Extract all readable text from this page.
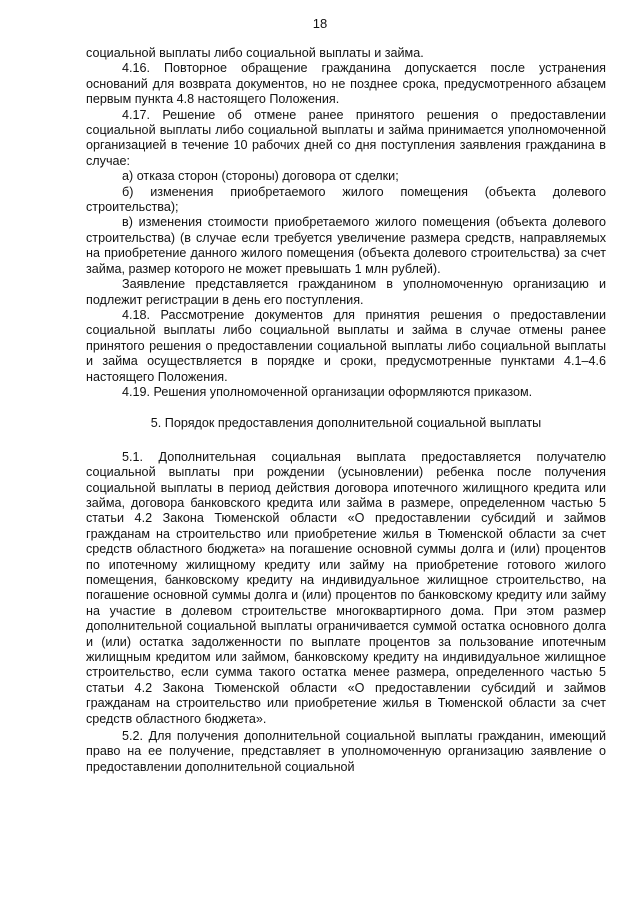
18

социальной выплаты либо социальной выплаты и займа.

4.16. Повторное обращение гражданина допускается после устранения оснований для возврата документов, но не позднее срока, предусмотренного абзацем первым пункта 4.8 настоящего Положения.

4.17. Решение об отмене ранее принятого решения о предоставлении социальной выплаты либо социальной выплаты и займа принимается уполномоченной организацией в течение 10 рабочих дней со дня поступления заявления гражданина в случае:

а) отказа сторон (стороны) договора от сделки;

б) изменения приобретаемого жилого помещения (объекта долевого строительства);

в) изменения стоимости приобретаемого жилого помещения (объекта долевого строительства) (в случае если требуется увеличение размера средств, направляемых на приобретение данного жилого помещения (объекта долевого строительства) за счет займа, размер которого не может превышать 1 млн рублей).

Заявление представляется гражданином в уполномоченную организацию и подлежит регистрации в день его поступления.

4.18. Рассмотрение документов для принятия решения о предоставлении социальной выплаты либо социальной выплаты и займа в случае отмены ранее принятого решения о предоставлении социальной выплаты либо социальной выплаты и займа осуществляется в порядке и сроки, предусмотренные пунктами 4.1–4.6 настоящего Положения.

4.19. Решения уполномоченной организации оформляются приказом.

5. Порядок предоставления дополнительной социальной выплаты

5.1. Дополнительная социальная выплата предоставляется получателю социальной выплаты при рождении (усыновлении) ребенка после получения социальной выплаты в период действия договора ипотечного жилищного кредита или займа, договора банковского кредита или займа в размере, определенном частью 5 статьи 4.2 Закона Тюменской области «О предоставлении субсидий и займов гражданам на строительство или приобретение жилья в Тюменской области за счет средств областного бюджета» на погашение основной суммы долга и (или) процентов по ипотечному жилищному кредиту или займу на приобретение готового жилого помещения, банковскому кредиту на индивидуальное жилищное строительство, на погашение основной суммы долга и (или) процентов по банковскому кредиту или займу на участие в долевом строительстве многоквартирного дома. При этом размер дополнительной социальной выплаты ограничивается суммой остатка основного долга и (или) остатка задолженности по выплате процентов за пользование ипотечным жилищным кредитом или займом, банковскому кредиту на индивидуальное жилищное строительство, если сумма такого остатка менее размера, определенного частью 5 статьи 4.2 Закона Тюменской области «О предоставлении субсидий и займов гражданам на строительство или приобретение жилья в Тюменской области за счет средств областного бюджета».

5.2. Для получения дополнительной социальной выплаты гражданин, имеющий право на ее получение, представляет в уполномоченную организацию заявление о предоставлении дополнительной социальной
